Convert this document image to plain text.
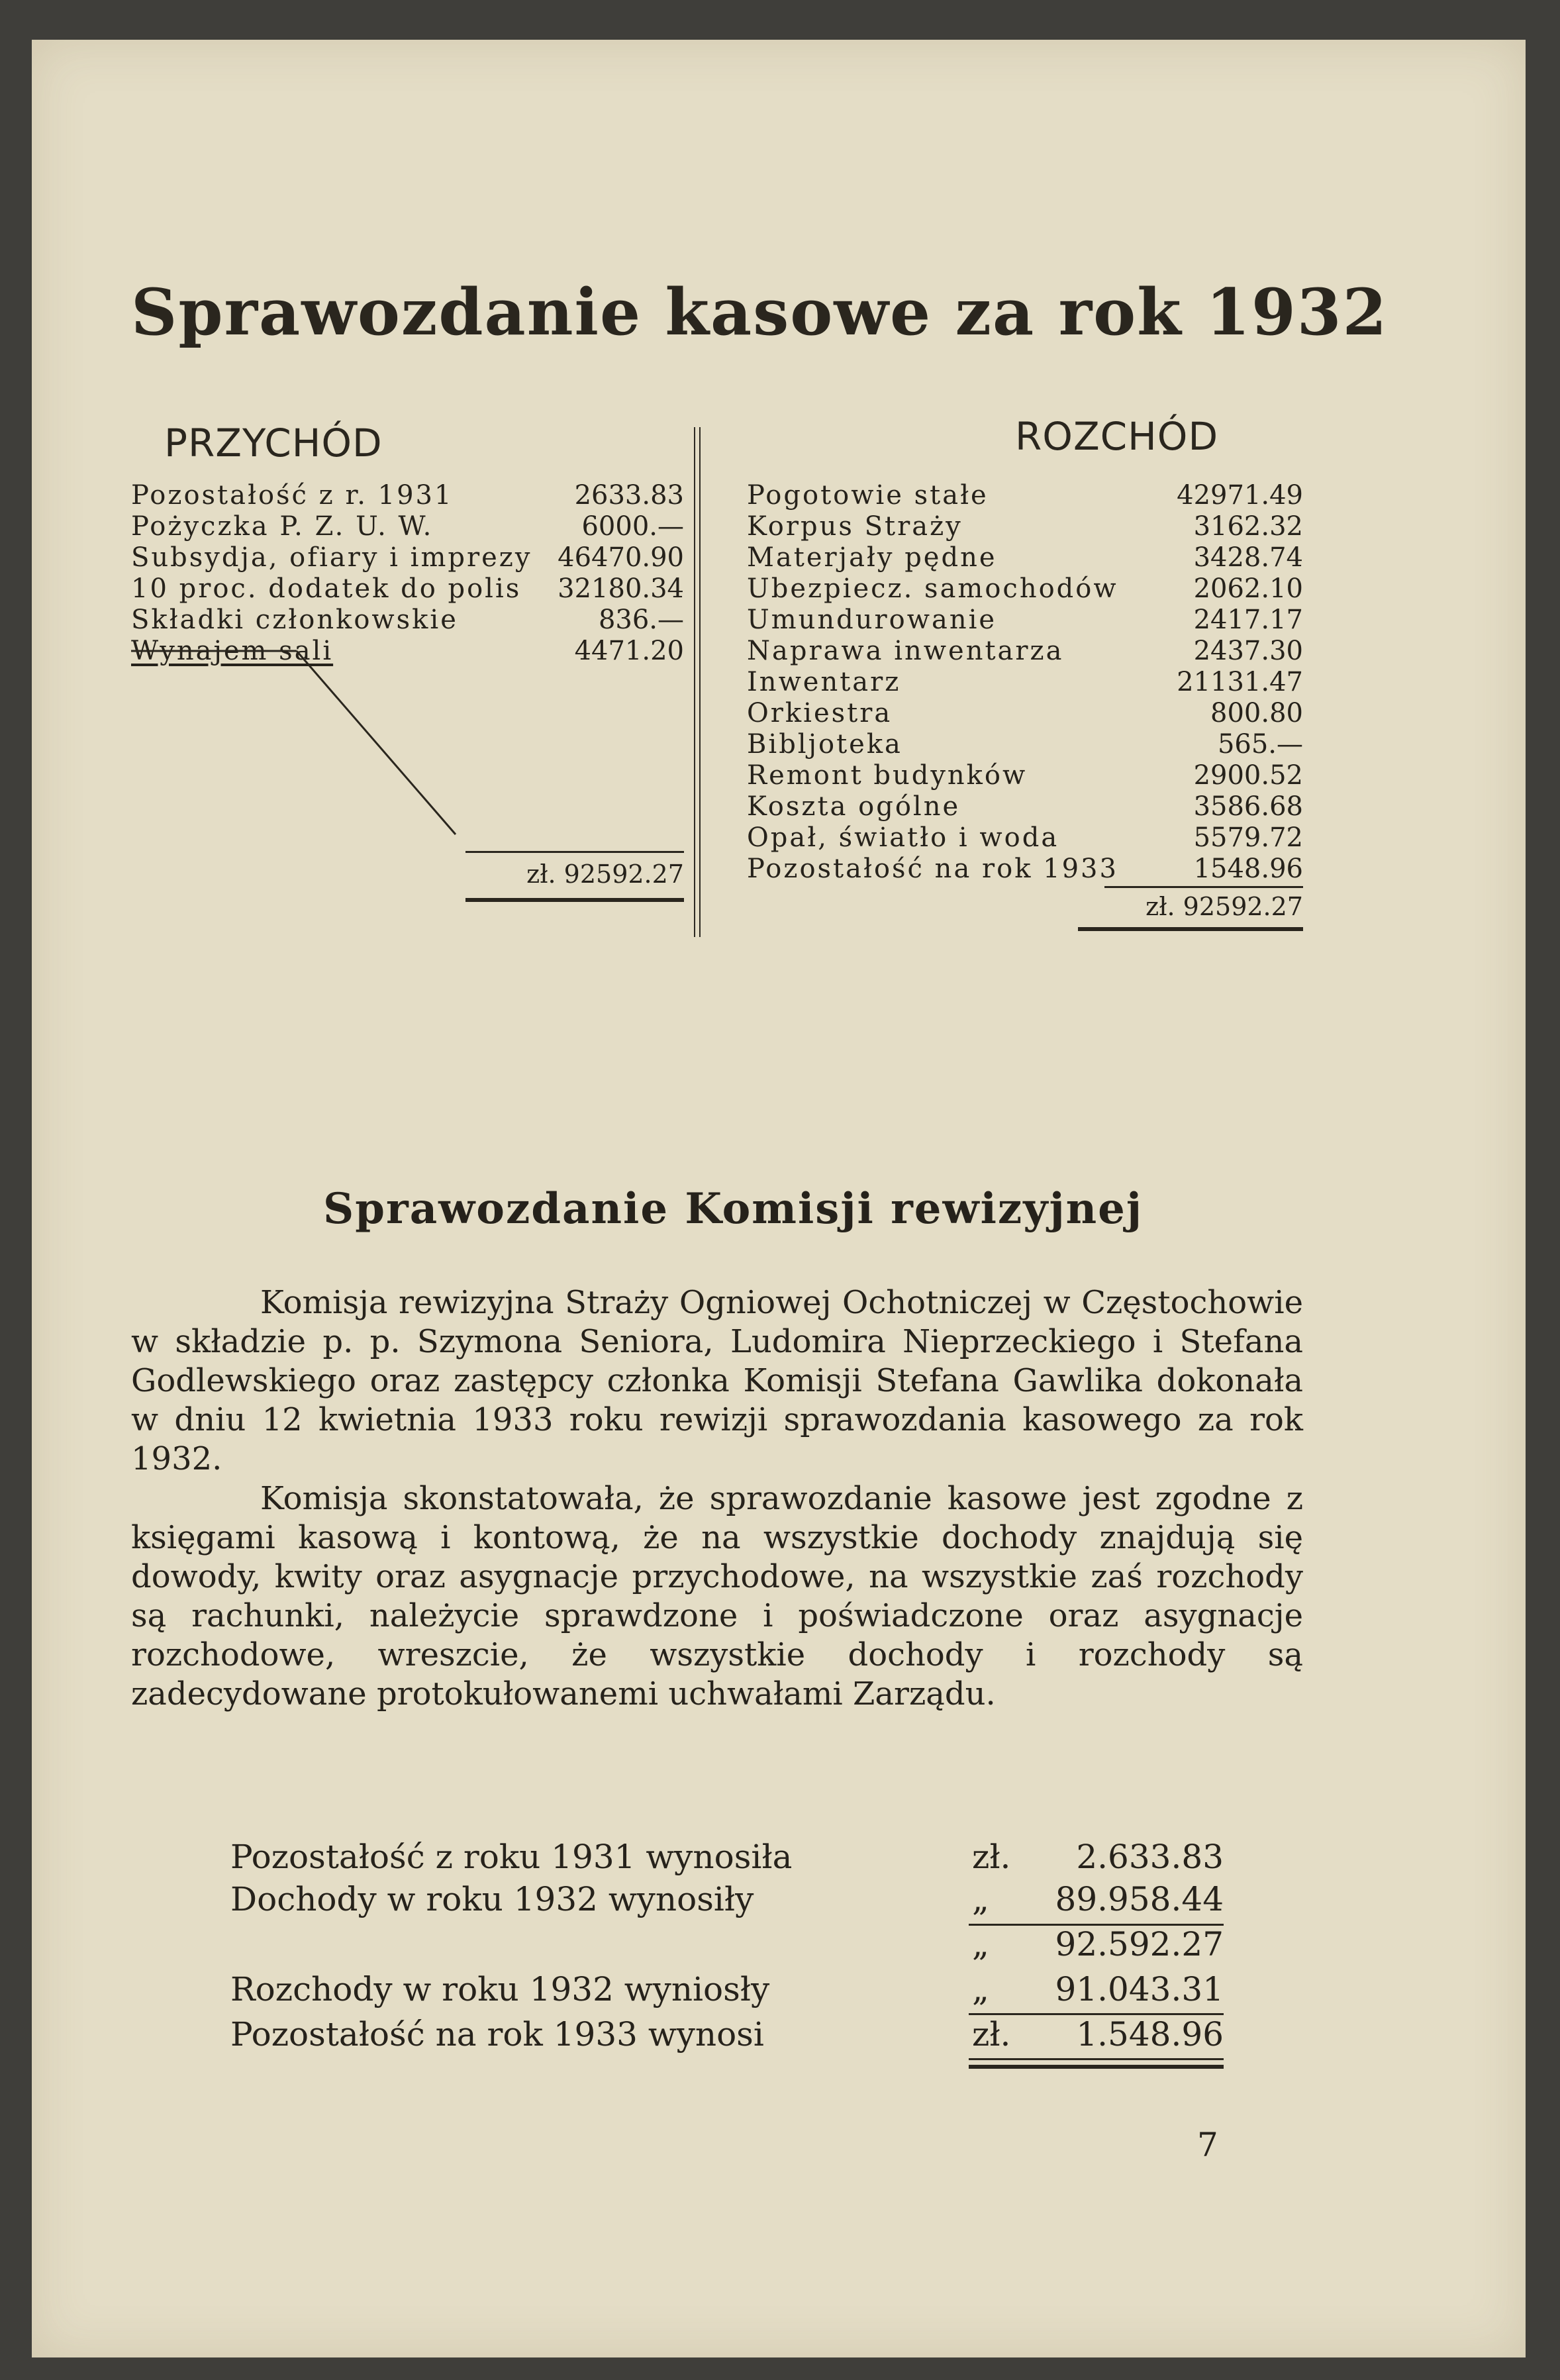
Sprawozdanie kasowe za rok 1932
PRZYCHÓD
Pozostałość z r. 1931	2633.83
Pożyczka P. Z. U. W.	6000.—
Subsydja, ofiary i imprezy 46470.90
10 proc. dodatek do polis 32180.34
Składki członkowskie	836.—
Wynajem sali	4471.20
zł. 92592.27
ROZCHÓD
Pogotowie stałe	42971.49
Korpus Straży	3162.32
Materjały pędne	3428.74
Ubezpiecz. samochodów	2062.10
Umundurowanie	2417.17
Naprawa inwentarza	2437.30
Inwentarz	21131.47
Orkiestra	800.80
Bibljoteka	565.—
Remont budynków	2900.52
Koszta ogólne	3586.68
Opał, światło i woda	5579.72
Pozostałość na rok 1933	1548.96
zł. 92592.27
Sprawozdanie Komisji rewizyjnej

Komisja rewizyjna Straży Ogniowej Ochotniczej w Częstochowie w składzie p. p. Szymona Seniora, Ludomira Nieprzeckiego i Stefana Godlewskiego oraz zastępcy członka Komisji Stefana Gawlika dokonała w dniu 12 kwietnia 1933 roku rewizji sprawozdania kasowego za rok 1932.

Komisja skonstatowała, że sprawozdanie kasowe jest zgodne z księgami kasową i kontową, że na wszystkie dochody znajdują się dowody, kwity oraz asygnacje przychodowe, na wszystkie zaś rozchody są rachunki, należycie sprawdzone i poświadczone oraz asygnacje rozchodowe, wreszcie, że wszystkie dochody i rozchody są zadecydowane protokułowanemi uchwałami Zarządu.

Pozostałość z roku 1931 wynosiła	zł. 2.633.83
Dochody w roku 1932 wynosiły	„ 89.958.44
„ 92.592.27
Rozchody w roku 1932 wyniosły	„ 91.043.31
Pozostałość na rok 1933 wynosi	zł. 1.548.96
7
